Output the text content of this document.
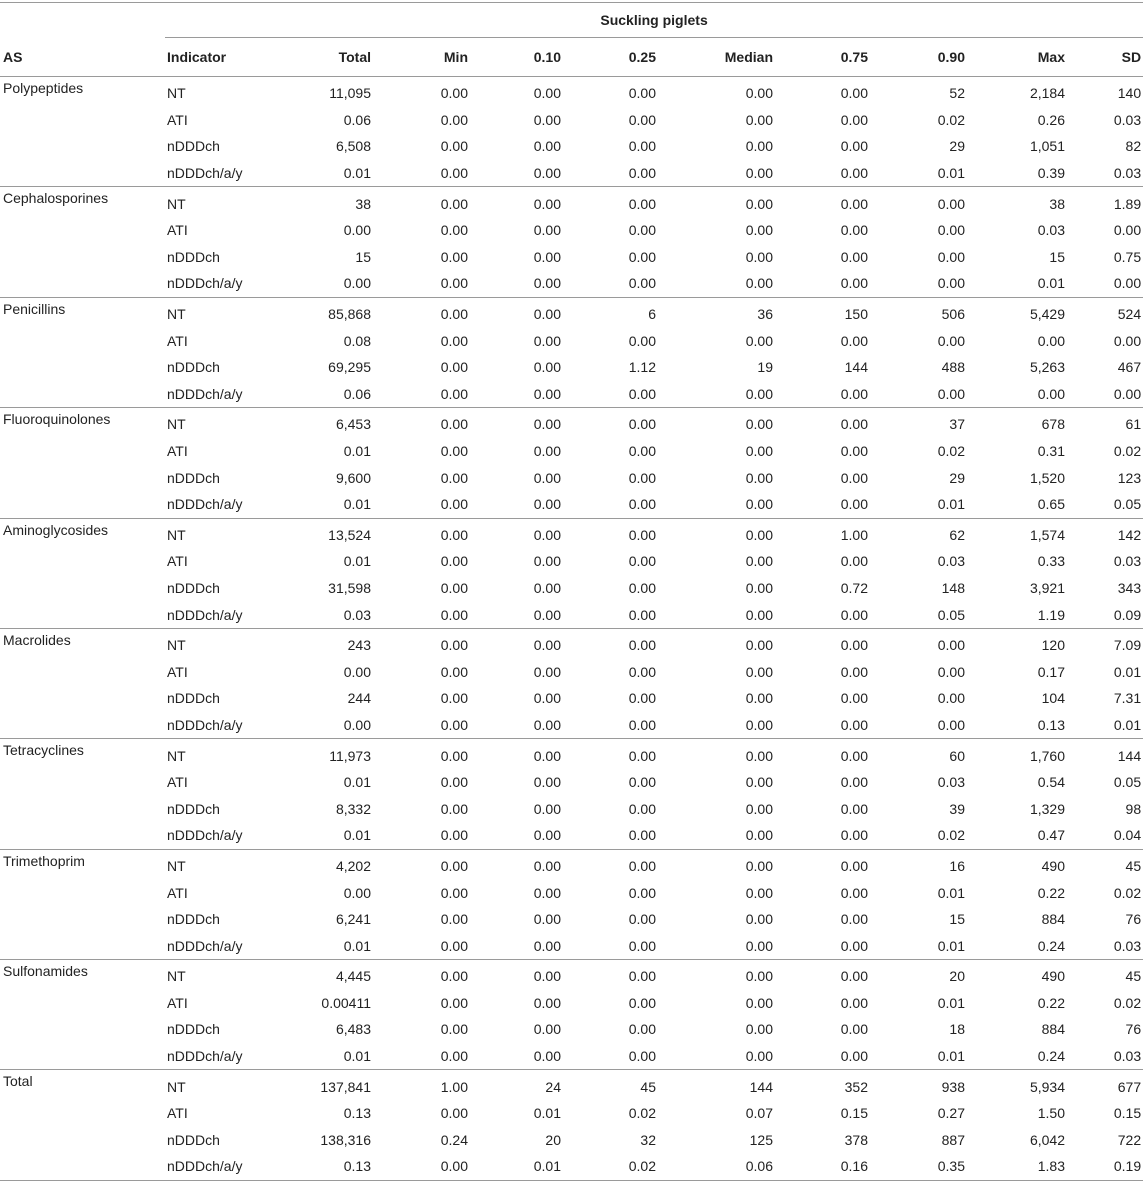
	Suckling piglets									
AS	Indicator	Total	Min	0.10	0.25	Median	0.75	0.90	Max	SD
Polypeptides	NT	11,095	0.00	0.00	0.00	0.00	0.00	52	2,184	140
	ATI	0.06	0.00	0.00	0.00	0.00	0.00	0.02	0.26	0.03
	nDDDch	6,508	0.00	0.00	0.00	0.00	0.00	29	1,051	82
	nDDDch/a/y	0.01	0.00	0.00	0.00	0.00	0.00	0.01	0.39	0.03
Cephalosporines	NT	38	0.00	0.00	0.00	0.00	0.00	0.00	38	1.89
	ATI	0.00	0.00	0.00	0.00	0.00	0.00	0.00	0.03	0.00
	nDDDch	15	0.00	0.00	0.00	0.00	0.00	0.00	15	0.75
	nDDDch/a/y	0.00	0.00	0.00	0.00	0.00	0.00	0.00	0.01	0.00
Penicillins	NT	85,868	0.00	0.00	6	36	150	506	5,429	524
	ATI	0.08	0.00	0.00	0.00	0.00	0.00	0.00	0.00	0.00
	nDDDch	69,295	0.00	0.00	1.12	19	144	488	5,263	467
	nDDDch/a/y	0.06	0.00	0.00	0.00	0.00	0.00	0.00	0.00	0.00
Fluoroquinolones	NT	6,453	0.00	0.00	0.00	0.00	0.00	37	678	61
	ATI	0.01	0.00	0.00	0.00	0.00	0.00	0.02	0.31	0.02
	nDDDch	9,600	0.00	0.00	0.00	0.00	0.00	29	1,520	123
	nDDDch/a/y	0.01	0.00	0.00	0.00	0.00	0.00	0.01	0.65	0.05
Aminoglycosides	NT	13,524	0.00	0.00	0.00	0.00	1.00	62	1,574	142
	ATI	0.01	0.00	0.00	0.00	0.00	0.00	0.03	0.33	0.03
	nDDDch	31,598	0.00	0.00	0.00	0.00	0.72	148	3,921	343
	nDDDch/a/y	0.03	0.00	0.00	0.00	0.00	0.00	0.05	1.19	0.09
Macrolides	NT	243	0.00	0.00	0.00	0.00	0.00	0.00	120	7.09
	ATI	0.00	0.00	0.00	0.00	0.00	0.00	0.00	0.17	0.01
	nDDDch	244	0.00	0.00	0.00	0.00	0.00	0.00	104	7.31
	nDDDch/a/y	0.00	0.00	0.00	0.00	0.00	0.00	0.00	0.13	0.01
Tetracyclines	NT	11,973	0.00	0.00	0.00	0.00	0.00	60	1,760	144
	ATI	0.01	0.00	0.00	0.00	0.00	0.00	0.03	0.54	0.05
	nDDDch	8,332	0.00	0.00	0.00	0.00	0.00	39	1,329	98
	nDDDch/a/y	0.01	0.00	0.00	0.00	0.00	0.00	0.02	0.47	0.04
Trimethoprim	NT	4,202	0.00	0.00	0.00	0.00	0.00	16	490	45
	ATI	0.00	0.00	0.00	0.00	0.00	0.00	0.01	0.22	0.02
	nDDDch	6,241	0.00	0.00	0.00	0.00	0.00	15	884	76
	nDDDch/a/y	0.01	0.00	0.00	0.00	0.00	0.00	0.01	0.24	0.03
Sulfonamides	NT	4,445	0.00	0.00	0.00	0.00	0.00	20	490	45
	ATI	0.00411	0.00	0.00	0.00	0.00	0.00	0.01	0.22	0.02
	nDDDch	6,483	0.00	0.00	0.00	0.00	0.00	18	884	76
	nDDDch/a/y	0.01	0.00	0.00	0.00	0.00	0.00	0.01	0.24	0.03
Total	NT	137,841	1.00	24	45	144	352	938	5,934	677
	ATI	0.13	0.00	0.01	0.02	0.07	0.15	0.27	1.50	0.15
	nDDDch	138,316	0.24	20	32	125	378	887	6,042	722
	nDDDch/a/y	0.13	0.00	0.01	0.02	0.06	0.16	0.35	1.83	0.19
